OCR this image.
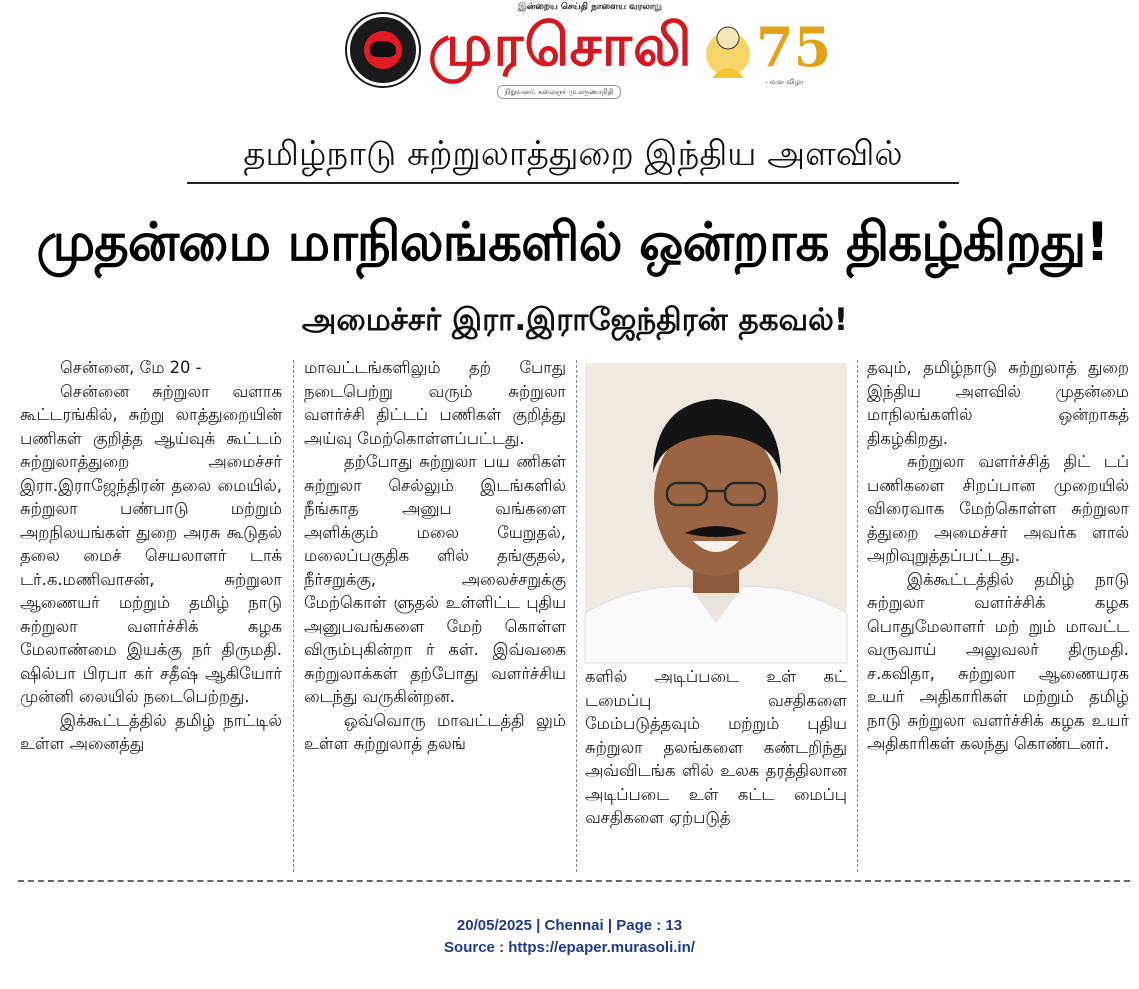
இன்றைய செய்தி நாளைய வரலாறு
முரசொலி
நிறுவனர்: கலைஞர் மு.கருணாநிதி
75
பவள விழா
தமிழ்நாடு சுற்றுலாத்துறை இந்திய அளவில்
முதன்மை மாநிலங்களில் ஒன்றாக திகழ்கிறது!
அமைச்சர் இரா.இராஜேந்திரன் தகவல்!

சென்னை, மே 20 -

சென்னை சுற்றுலா வளாக கூட்டரங்கில், சுற்று லாத்துறையின் பணிகள் குறித்த ஆய்வுக் கூட்டம் சுற்றுலாத்துறை அமைச்சர் இரா.இராஜேந்திரன் தலை மையில், சுற்றுலா பண்பாடு மற்றும் அறநிலயங்கள் துறை அரசு கூடுதல் தலை மைச் செயலாளர் டாக் டர்.க.மணிவாசன், சுற்றுலா ஆணையர் மற்றும் தமிழ் நாடு சுற்றுலா வளர்ச்சிக் கழக மேலாண்மை இயக்கு நர் திருமதி. ஷில்பா பிரபா கர் சதீஷ் ஆகியோர் முன்னி லையில் நடைபெற்றது.

இக்கூட்டத்தில் தமிழ் நாட்டில் உள்ள அனைத்து

மாவட்டங்களிலும் தற் போது நடைபெற்று வரும் சுற்றுலா வளர்ச்சி திட்டப் பணிகள் குறித்து அய்வு மேற்கொள்ளப்பட்டது.

தற்போது சுற்றுலா பய ணிகள் சுற்றுலா செல்லும் இடங்களில் நீங்காத அனுப வங்களை அளிக்கும் மலை யேறுதல், மலைப்பகுதிக ளில் தங்குதல், நீர்சறுக்கு, அலைச்சறுக்கு மேற்கொள் ளுதல் உள்ளிட்ட புதிய அனுபவங்களை மேற் கொள்ள விரும்புகின்றா ர் கள். இவ்வகை சுற்றுலாக்கள் தற்போது வளர்ச்சிய டைந்து வருகின்றன.

ஒவ்வொரு மாவட்டத்தி லும் உள்ள சுற்றுலாத் தலங்

களில் அடிப்படை உள் கட் டமைப்பு வசதிகளை மேம்படுத்தவும் மற்றும் புதிய சுற்றுலா தலங்களை கண்டறிந்து அவ்விடங்க ளில் உலக தரத்திலான அடிப்படை உள் கட்ட மைப்பு வசதிகளை ஏற்படுத்

தவும், தமிழ்நாடு சுற்றுலாத் துறை இந்திய அளவில் முதன்மை மாநிலங்களில் ஒன்றாகத் திகழ்கிறது.

சுற்றுலா வளர்ச்சித் திட் டப் பணிகளை சிறப்பான முறையில் விரைவாக மேற்கொள்ள சுற்றுலா த்துறை அமைச்சர் அவர்க ளால் அறிவுறுத்தப்பட்டது.

இக்கூட்டத்தில் தமிழ் நாடு சுற்றுலா வளர்ச்சிக் கழக பொதுமேலாளர் மற் றும் மாவட்ட வருவாய் அலுவலர் திருமதி. ச.கவிதா, சுற்றுலா ஆணையரக உயர் அதிகாரிகள் மற்றும் தமிழ் நாடு சுற்றுலா வளர்ச்சிக் கழக உயர் அதிகாரிகள் கலந்து கொண்டனர்.

20/05/2025 | Chennai | Page : 13
Source : https://epaper.murasoli.in/
